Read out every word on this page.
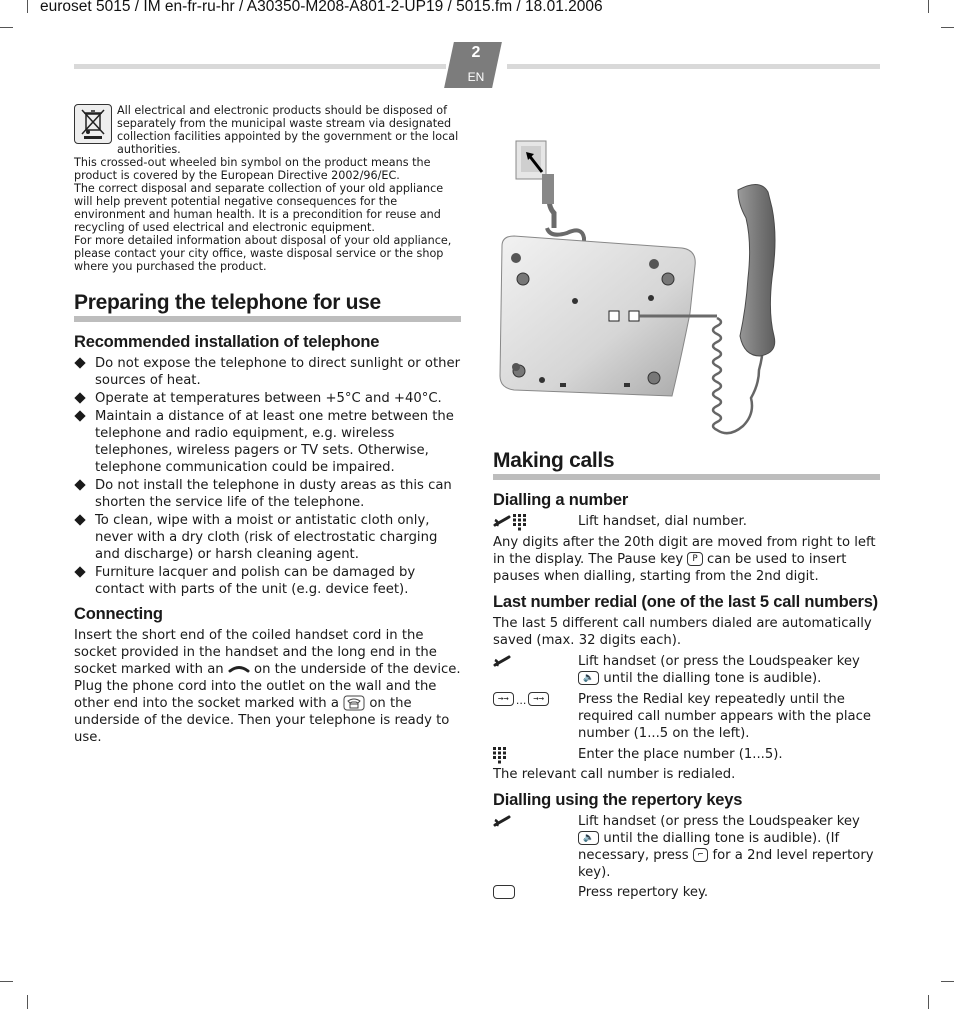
euroset 5015 / IM en-fr-ru-hr / A30350-M208-A801-2-UP19 / 5015.fm / 18.01.2006
2
EN

All electrical and electronic products should be disposed of

separately from the municipal waste stream via designated

collection facilities appointed by the government or the local

authorities.

This crossed-out wheeled bin symbol on the product means the

product is covered by the European Directive 2002/96/EC.

The correct disposal and separate collection of your old appliance

will help prevent potential negative consequences for the

environment and human health. It is a precondition for reuse and

recycling of used electrical and electronic equipment.

For more detailed information about disposal of your old appliance,

please contact your city office, waste disposal service or the shop

where you purchased the product.

Preparing the telephone for use
Recommended installation of telephone
Do not expose the telephone to direct sunlight or other sources of heat.
Operate at temperatures between +5°C and +40°C.
Maintain a distance of at least one metre between the telephone and radio equipment, e.g. wireless telephones, wireless pagers or TV sets. Otherwise, telephone communication could be impaired.
Do not install the telephone in dusty areas as this can shorten the service life of the telephone.
To clean, wipe with a moist or antistatic cloth only, never with a dry cloth (risk of electrostatic charging and discharge) or harsh cleaning agent.
Furniture lacquer and polish can be damaged by contact with parts of the unit (e.g. device feet).
Connecting

Insert the short end of the coiled handset cord in the socket provided in the handset and the long end in the socket marked with an on the underside of the device. Plug the phone cord into the outlet on the wall and the other end into the socket marked with a on the underside of the device. Then your telephone is ready to use.

Making calls
Dialling a number
Lift handset, dial number.

Any digits after the 20th digit are moved from right to left in the display. The Pause key P can be used to insert pauses when dialling, starting from the 2nd digit.

Last number redial (one of the last 5 call numbers)

The last 5 different call numbers dialed are automatically saved (max. 32 digits each).

Lift handset (or press the Loudspeaker key 🔈 until the dialling tone is audible).
→→ ... →→	Press the Redial key repeatedly until the required call number appears with the place number (1...5 on the left).
Enter the place number (1...5).

The relevant call number is redialed.

Dialling using the repertory keys
Lift handset (or press the Loudspeaker key 🔈 until the dialling tone is audible). (If necessary, press ⌐ for a 2nd level repertory key).
Press repertory key.
